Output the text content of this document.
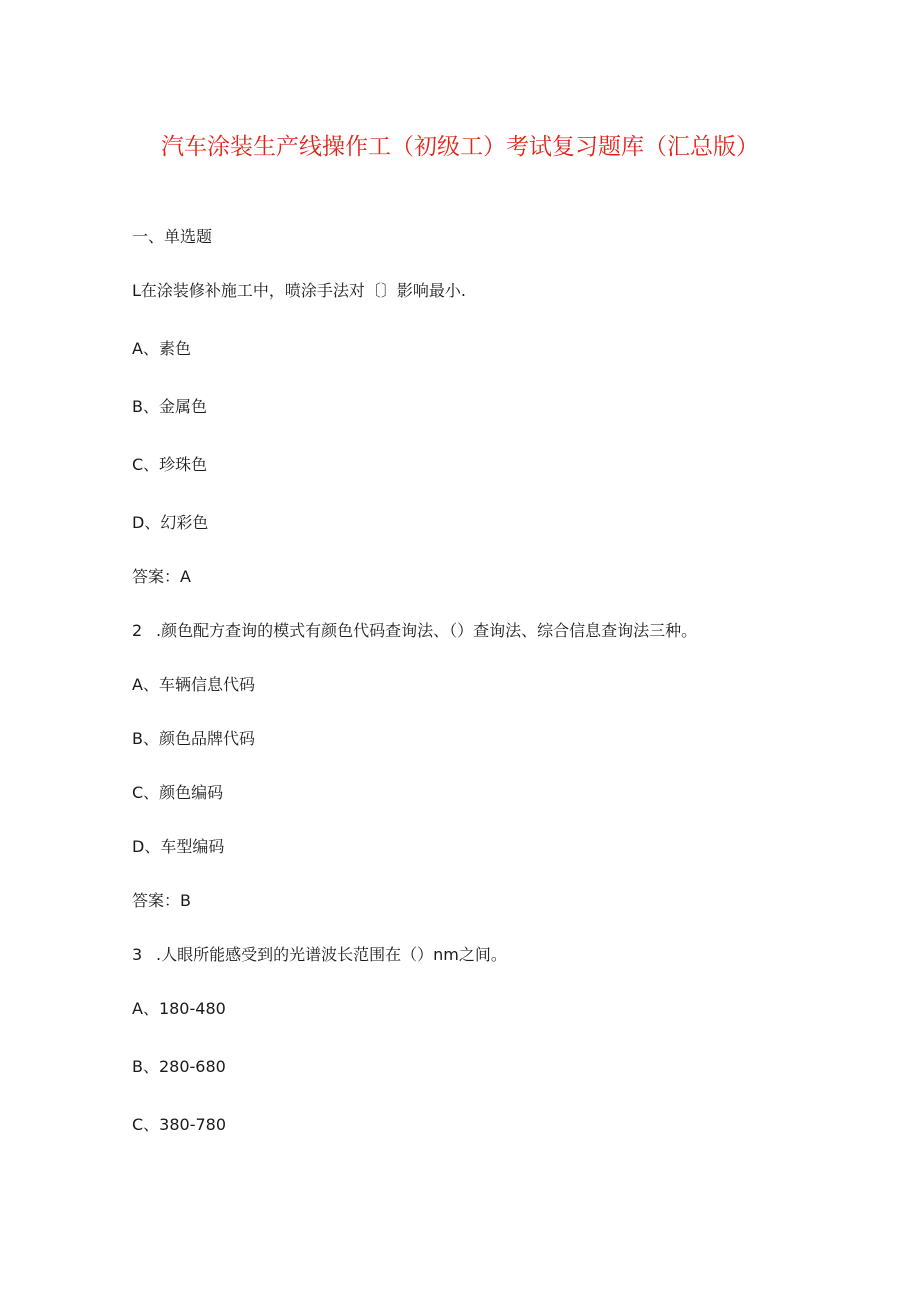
汽车涂装生产线操作工（初级工）考试复习题库（汇总版）
一、单选题
L在涂装修补施工中，喷涂手法对〔〕影响最小.
A、素色
B、金属色
C、珍珠色
D、幻彩色
答案：A
2 .颜色配方查询的模式有颜色代码查询法、（）查询法、综合信息查询法三种。
A、车辆信息代码
B、颜色品牌代码
C、颜色编码
D、车型编码
答案：B
3 .人眼所能感受到的光谱波长范围在（）nm之间。
A、180-480
B、280-680
C、380-780
